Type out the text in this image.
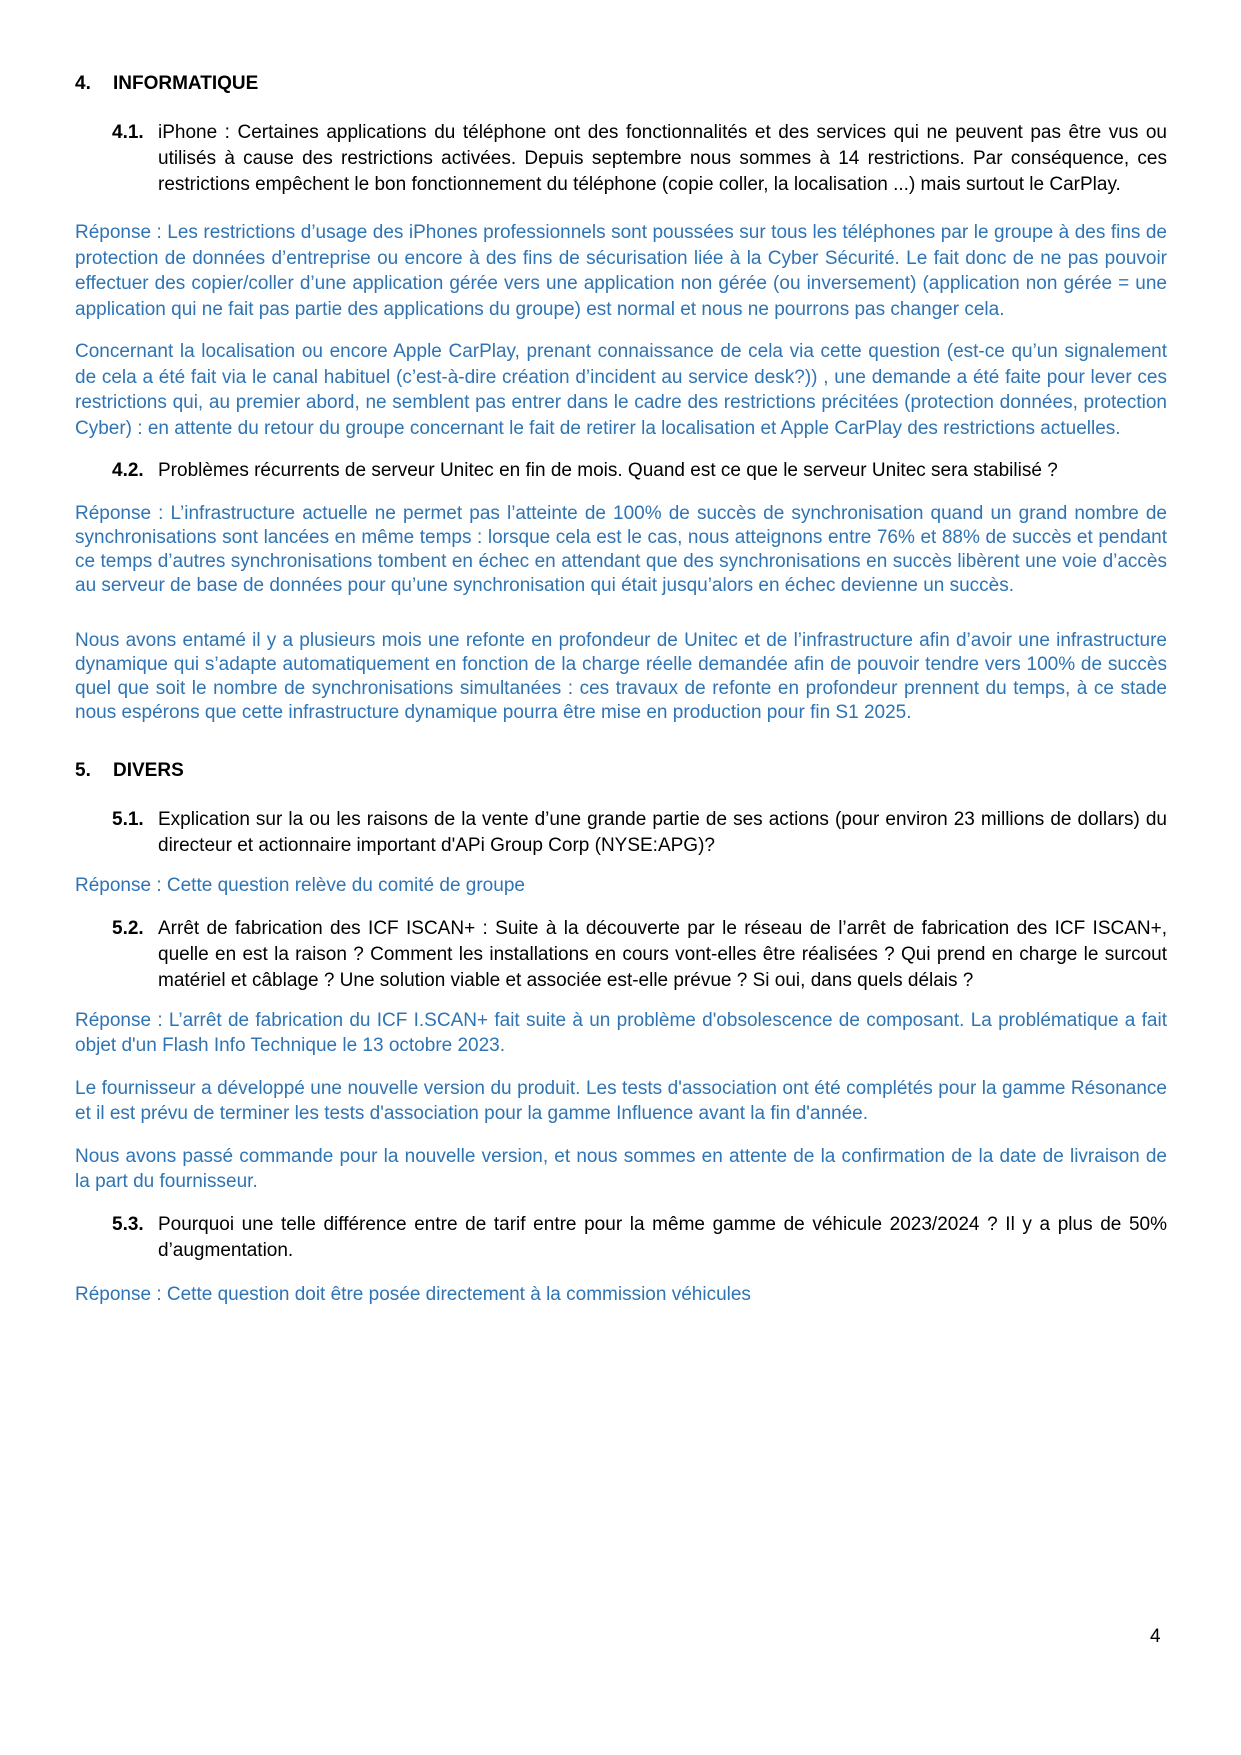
4. INFORMATIQUE
4.1. iPhone : Certaines applications du téléphone ont des fonctionnalités et des services qui ne peuvent pas être vus ou utilisés à cause des restrictions activées. Depuis septembre nous sommes à 14 restrictions. Par conséquence, ces restrictions empêchent le bon fonctionnement du téléphone (copie coller, la localisation ...) mais surtout le CarPlay.

Réponse : Les restrictions d’usage des iPhones professionnels sont poussées sur tous les téléphones par le groupe à des fins de protection de données d’entreprise ou encore à des fins de sécurisation liée à la Cyber Sécurité. Le fait donc de ne pas pouvoir effectuer des copier/coller d’une application gérée vers une application non gérée (ou inversement) (application non gérée = une application qui ne fait pas partie des applications du groupe) est normal et nous ne pourrons pas changer cela.

Concernant la localisation ou encore Apple CarPlay, prenant connaissance de cela via cette question (est-ce qu’un signalement de cela a été fait via le canal habituel (c’est-à-dire création d’incident au service desk?)) , une demande a été faite pour lever ces restrictions qui, au premier abord, ne semblent pas entrer dans le cadre des restrictions précitées (protection données, protection Cyber) : en attente du retour du groupe concernant le fait de retirer la localisation et Apple CarPlay des restrictions actuelles.

4.2. Problèmes récurrents de serveur Unitec en fin de mois. Quand est ce que le serveur Unitec sera stabilisé ?

Réponse : L’infrastructure actuelle ne permet pas l’atteinte de 100% de succès de synchronisation quand un grand nombre de synchronisations sont lancées en même temps : lorsque cela est le cas, nous atteignons entre 76% et 88% de succès et pendant ce temps d’autres synchronisations tombent en échec en attendant que des synchronisations en succès libèrent une voie d’accès au serveur de base de données pour qu’une synchronisation qui était jusqu’alors en échec devienne un succès.

Nous avons entamé il y a plusieurs mois une refonte en profondeur de Unitec et de l’infrastructure afin d’avoir une infrastructure dynamique qui s’adapte automatiquement en fonction de la charge réelle demandée afin de pouvoir tendre vers 100% de succès quel que soit le nombre de synchronisations simultanées : ces travaux de refonte en profondeur prennent du temps, à ce stade nous espérons que cette infrastructure dynamique pourra être mise en production pour fin S1 2025.

5. DIVERS
5.1. Explication sur la ou les raisons de la vente d’une grande partie de ses actions (pour environ 23 millions de dollars) du directeur et actionnaire important d'APi Group Corp (NYSE:APG)?

Réponse : Cette question relève du comité de groupe

5.2. Arrêt de fabrication des ICF ISCAN+ : Suite à la découverte par le réseau de l’arrêt de fabrication des ICF ISCAN+, quelle en est la raison ? Comment les installations en cours vont-elles être réalisées ? Qui prend en charge le surcout matériel et câblage ? Une solution viable et associée est-elle prévue ? Si oui, dans quels délais ?

Réponse : L’arrêt de fabrication du ICF I.SCAN+ fait suite à un problème d'obsolescence de composant. La problématique a fait objet d'un Flash Info Technique le 13 octobre 2023.

Le fournisseur a développé une nouvelle version du produit. Les tests d'association ont été complétés pour la gamme Résonance et il est prévu de terminer les tests d'association pour la gamme Influence avant la fin d'année.

Nous avons passé commande pour la nouvelle version, et nous sommes en attente de la confirmation de la date de livraison de la part du fournisseur.

5.3. Pourquoi une telle différence entre de tarif entre pour la même gamme de véhicule 2023/2024 ? Il y a plus de 50% d’augmentation.

Réponse : Cette question doit être posée directement à la commission véhicules

4
